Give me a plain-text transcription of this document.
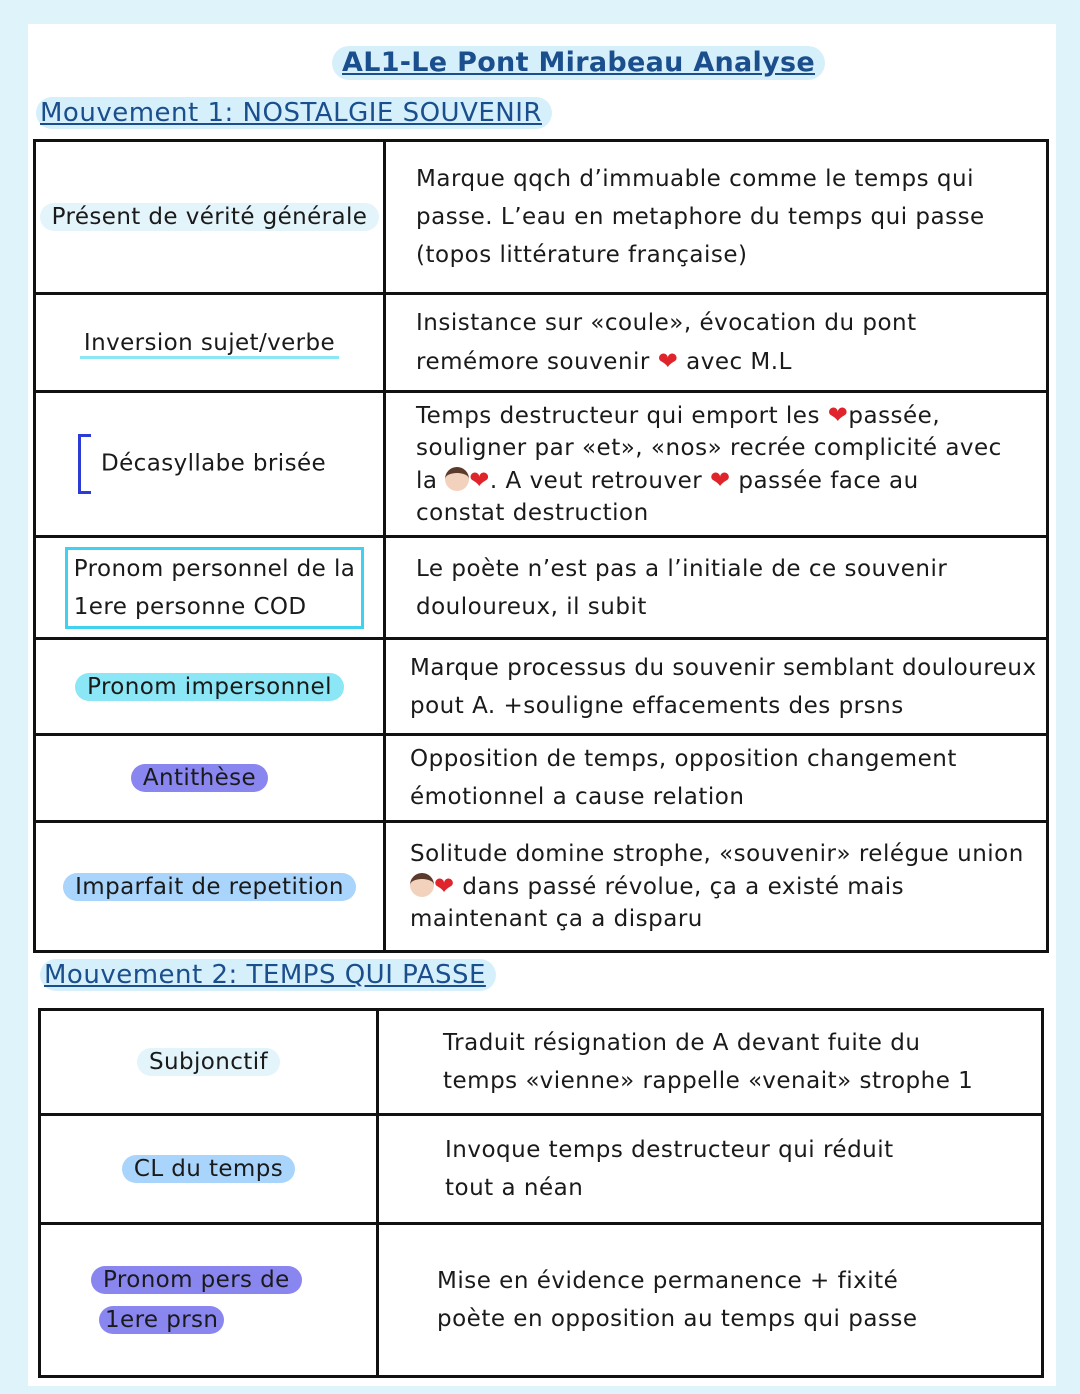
AL1-Le Pont Mirabeau Analyse
Mouvement 1: NOSTALGIE SOUVENIR
Présent de vérité générale	Marque qqch d’immuable comme le temps qui
passe. L’eau en metaphore du temps qui passe
(topos littérature française)

Inversion sujet/verbe	Insistance sur «coule», évocation du pont
remémore souvenir ❤ avec M.L

Décasyllabe brisée	Temps destructeur qui emport les ❤passée,
souligner par «et», «nos» recrée complicité avec
la ❤. A veut retrouver ❤ passée face au
constat destruction

Pronom personnel de la
1ere personne COD	Le poète n’est pas a l’initiale de ce souvenir
douloureux, il subit

Pronom impersonnel	Marque processus du souvenir semblant douloureux
pout A. +souligne effacements des prsns

Antithèse	Opposition de temps, opposition changement
émotionnel a cause relation

Imparfait de repetition	Solitude domine strophe, «souvenir» relégue union
❤ dans passé révolue, ça a existé mais
maintenant ça a disparu
Mouvement 2: TEMPS QUI PASSE
Subjonctif	Traduit résignation de A devant fuite du
temps «vienne» rappelle «venait» strophe 1

CL du temps	Invoque temps destructeur qui réduit
tout a néan

Pronom pers de
1ere prsn	Mise en évidence permanence + fixité
poète en opposition au temps qui passe
